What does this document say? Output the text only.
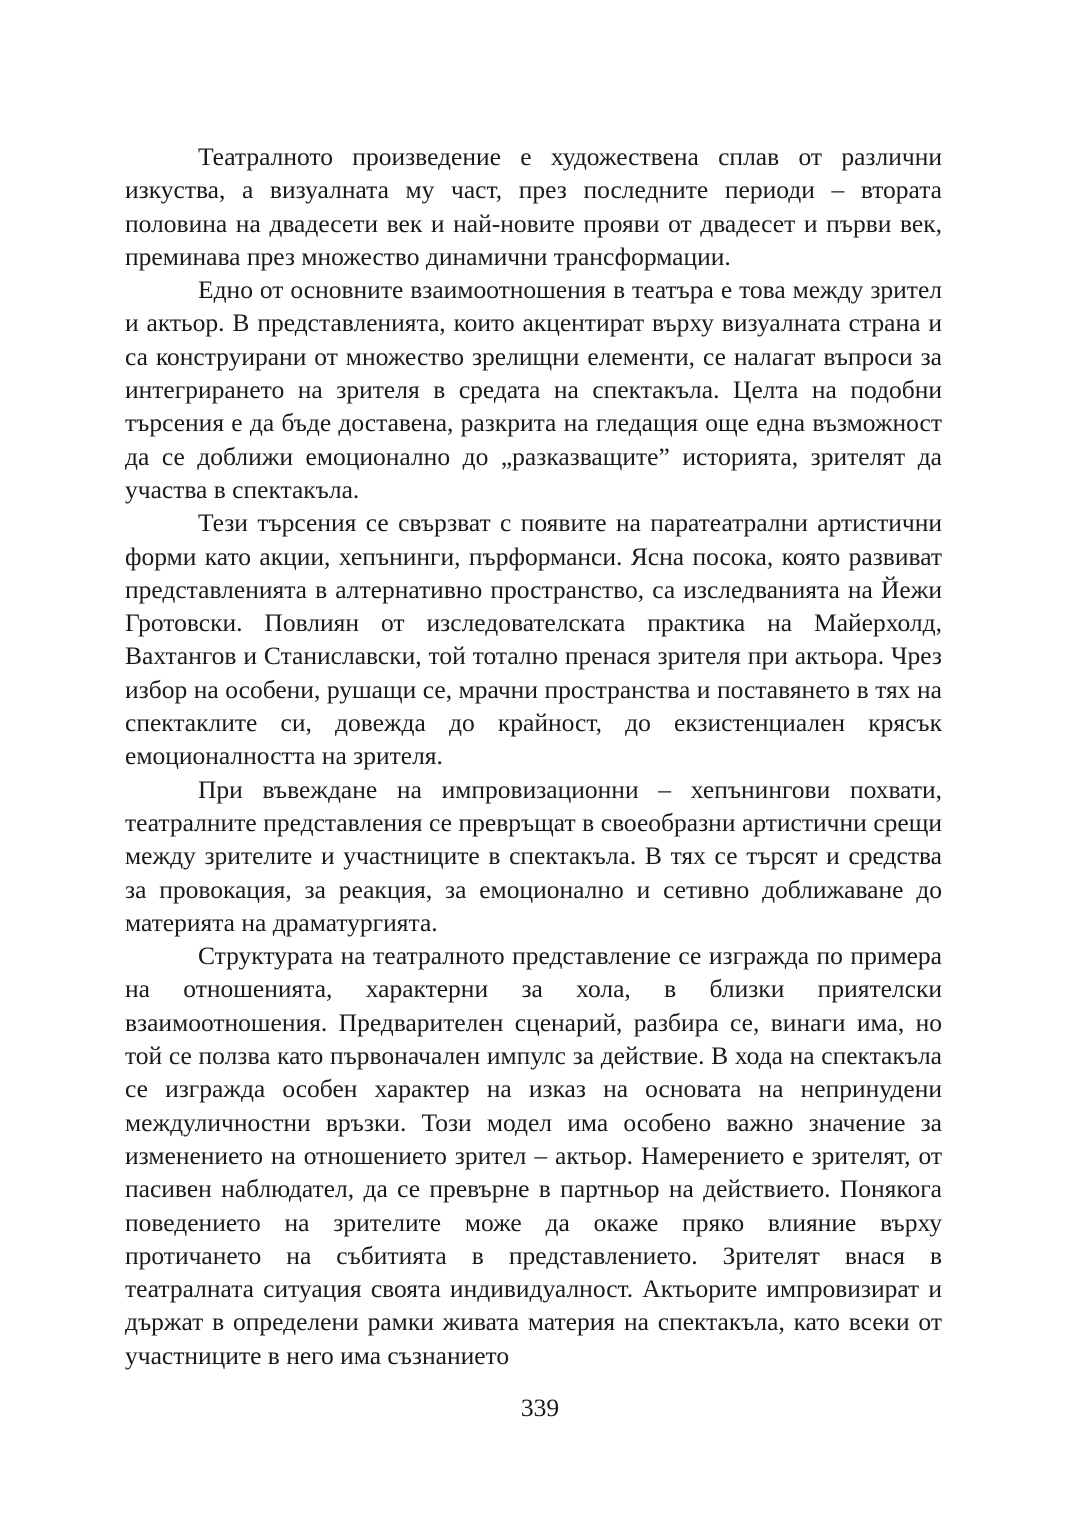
Театралното произведение е художествена сплав от различни изкуства, а визуалната му част, през последните периоди – втората половина на двадесети век и най-новите прояви от двадесет и първи век, преминава през множество динамични трансформации.

Едно от основните взаимоотношения в театъра е това между зрител и актьор. В представленията, които акцентират върху визуалната страна и са конструирани от множество зрелищни елементи, се налагат въпроси за интегрирането на зрителя в средата на спектакъла. Целта на подобни търсения е да бъде доставена, разкрита на гледащия още една възможност да се доближи емоционално до „разказващите” историята, зрителят да участва в спектакъла.

Тези търсения се свързват с появите на паратеатрални артистични форми като акции, хепънинги, пърформанси. Ясна посока, която развиват представленията в алтернативно пространство, са изследванията на Йежи Гротовски. Повлиян от изследователската практика на Майерхолд, Вахтангов и Станиславски, той тотално пренася зрителя при актьора. Чрез избор на особени, рушащи се, мрачни пространства и поставянето в тях на спектаклите си, довежда до крайност, до екзистенциален крясък емоционалността на зрителя.

При въвеждане на импровизационни – хепънингови похвати, театралните представления се превръщат в своеобразни артистични срещи между зрителите и участниците в спектакъла. В тях се търсят и средства за провокация, за реакция, за емоционално и сетивно доближаване до материята на драматургията.

Структурата на театралното представление се изгражда по примера на отношенията, характерни за хола, в близки приятелски взаимоотношения. Предварителен сценарий, разбира се, винаги има, но той се ползва като първоначален импулс за действие. В хода на спектакъла се изгражда особен характер на изказ на основата на непринудени междуличностни връзки. Този модел има особено важно значение за изменението на отношението зрител – актьор. Намерението е зрителят, от пасивен наблюдател, да се превърне в партньор на действието. Понякога поведението на зрителите може да окаже пряко влияние върху протичането на събитията в представлението. Зрителят внася в театралната ситуация своята индивидуалност. Актьорите импровизират и държат в определени рамки живата материя на спектакъла, като всеки от участниците в него има съзнанието

339
